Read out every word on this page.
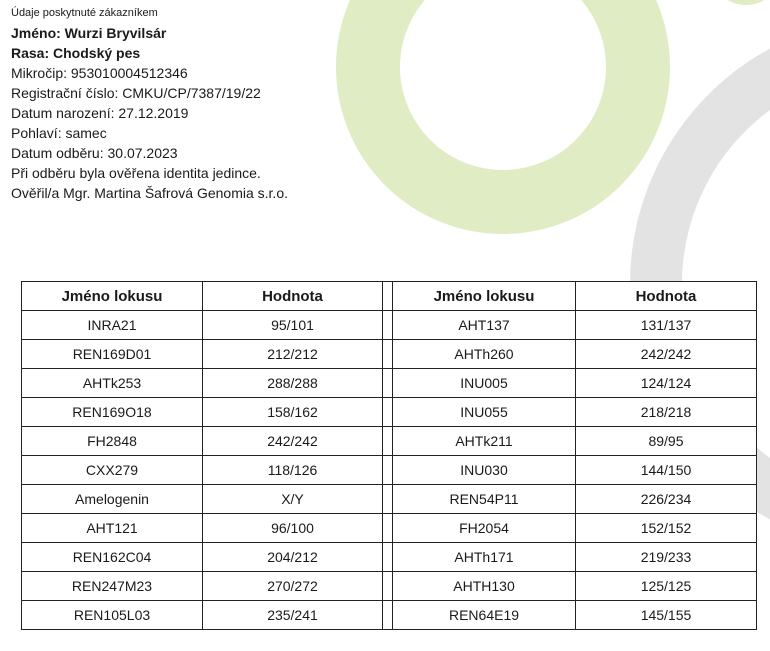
Údaje poskytnuté zákazníkem
Jméno: Wurzi Bryvilsár
Rasa: Chodský pes
Mikročip: 953010004512346
Registrační číslo: CMKU/CP/7387/19/22
Datum narození: 27.12.2019
Pohlaví: samec
Datum odběru: 30.07.2023
Při odběru byla ověřena identita jedince.
Ověřil/a Mgr. Martina Šafrová Genomia s.r.o.
Jméno lokusu	Hodnota		Jméno lokusu	Hodnota
INRA21	95/101		AHT137	131/137
REN169D01	212/212		AHTh260	242/242
AHTk253	288/288		INU005	124/124
REN169O18	158/162		INU055	218/218
FH2848	242/242		AHTk211	89/95
CXX279	118/126		INU030	144/150
Amelogenin	X/Y		REN54P11	226/234
AHT121	96/100		FH2054	152/152
REN162C04	204/212		AHTh171	219/233
REN247M23	270/272		AHTH130	125/125
REN105L03	235/241		REN64E19	145/155
